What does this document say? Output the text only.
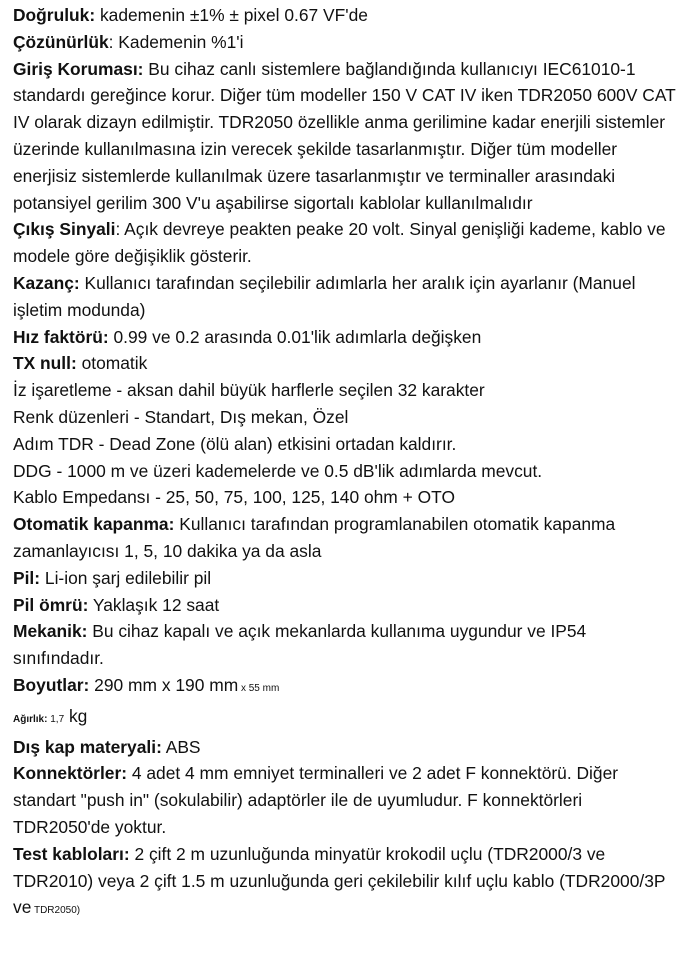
Doğruluk: kademenin ±1% ± pixel 0.67 VF'de

Çözünürlük: Kademenin %1'i

Giriş Koruması: Bu cihaz canlı sistemlere bağlandığında kullanıcıyı IEC61010-1 standardı gereğince korur. Diğer tüm modeller 150 V CAT IV iken TDR2050 600V CAT IV olarak dizayn edilmiştir. TDR2050 özellikle anma gerilimine kadar enerjili sistemler üzerinde kullanılmasına izin verecek şekilde tasarlanmıştır. Diğer tüm modeller enerjisiz sistemlerde kullanılmak üzere tasarlanmıştır ve terminaller arasındaki potansiyel gerilim 300 V'u aşabilirse sigortalı kablolar kullanılmalıdır

Çıkış Sinyali: Açık devreye peakten peake 20 volt. Sinyal genişliği kademe, kablo ve modele göre değişiklik gösterir.

Kazanç: Kullanıcı tarafından seçilebilir adımlarla her aralık için ayarlanır (Manuel işletim modunda)

Hız faktörü: 0.99 ve 0.2 arasında 0.01'lik adımlarla değişken

TX null: otomatik

İz işaretleme - aksan dahil büyük harflerle seçilen 32 karakter

Renk düzenleri - Standart, Dış mekan, Özel

Adım TDR - Dead Zone (ölü alan) etkisini ortadan kaldırır.

DDG - 1000 m ve üzeri kademelerde ve 0.5 dB'lik adımlarda mevcut.

Kablo Empedansı - 25, 50, 75, 100, 125, 140 ohm + OTO

Otomatik kapanma: Kullanıcı tarafından programlanabilen otomatik kapanma zamanlayıcısı 1, 5, 10 dakika ya da asla

Pil: Li-ion şarj edilebilir pil

Pil ömrü: Yaklaşık 12 saat

Mekanik: Bu cihaz kapalı ve açık mekanlarda kullanıma uygundur ve IP54 sınıfındadır.

Boyutlar: 290 mm x 190 mm x 55 mm

Ağırlık: 1,7 kg

Dış kap materyali: ABS

Konnektörler: 4 adet 4 mm emniyet terminalleri ve 2 adet F konnektörü. Diğer standart "push in" (sokulabilir) adaptörler ile de uyumludur. F konnektörleri TDR2050'de yoktur.

Test kabloları: 2 çift 2 m uzunluğunda minyatür krokodil uçlu (TDR2000/3 ve TDR2010) veya 2 çift 1.5 m uzunluğunda geri çekilebilir kılıf uçlu kablo (TDR2000/3P ve TDR2050)
